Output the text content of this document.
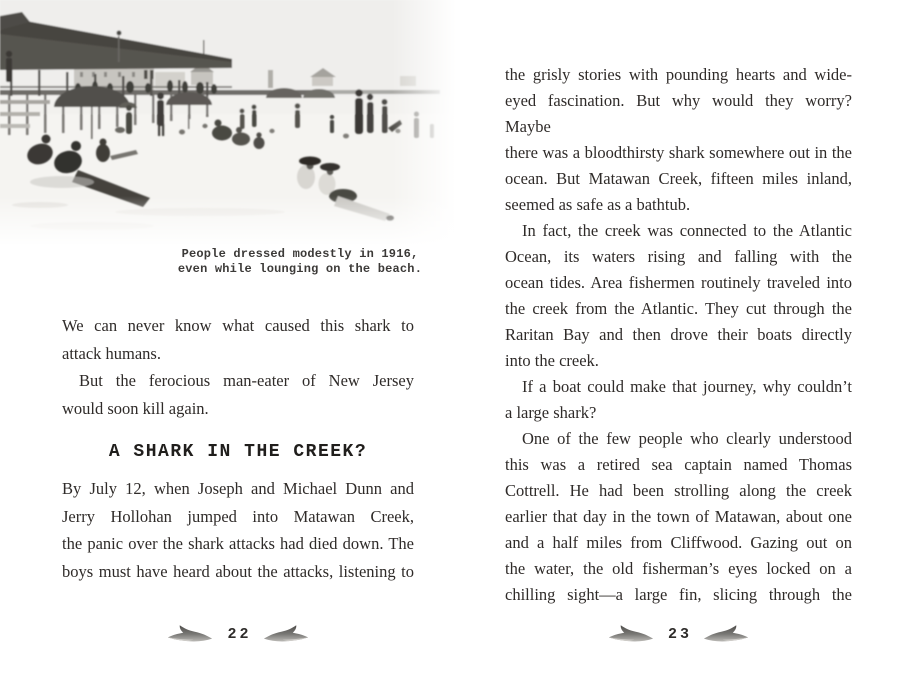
People dressed modestly in 1916,
even while lounging on the beach.
We can never know what caused this shark to
attack humans.
But the ferocious man-eater of New Jersey
would soon kill again.
A SHARK IN THE CREEK?
By July 12, when Joseph and Michael Dunn and
Jerry Hollohan jumped into Matawan Creek,
the panic over the shark attacks had died down. The
boys must have heard about the attacks, listening to
22
the grisly stories with pounding hearts and wide-
eyed fascination. But why would they worry? Maybe
there was a bloodthirsty shark somewhere out in the
ocean. But Matawan Creek, fifteen miles inland,
seemed as safe as a bathtub.
In fact, the creek was connected to the Atlantic
Ocean, its waters rising and falling with the
ocean tides. Area fishermen routinely traveled into
the creek from the Atlantic. They cut through the
Raritan Bay and then drove their boats directly
into the creek.
If a boat could make that journey, why couldn’t
a large shark?
One of the few people who clearly understood
this was a retired sea captain named Thomas
Cottrell. He had been strolling along the creek
earlier that day in the town of Matawan, about one
and a half miles from Cliffwood. Gazing out on
the water, the old fisherman’s eyes locked on a
chilling sight—a large fin, slicing through the
23
